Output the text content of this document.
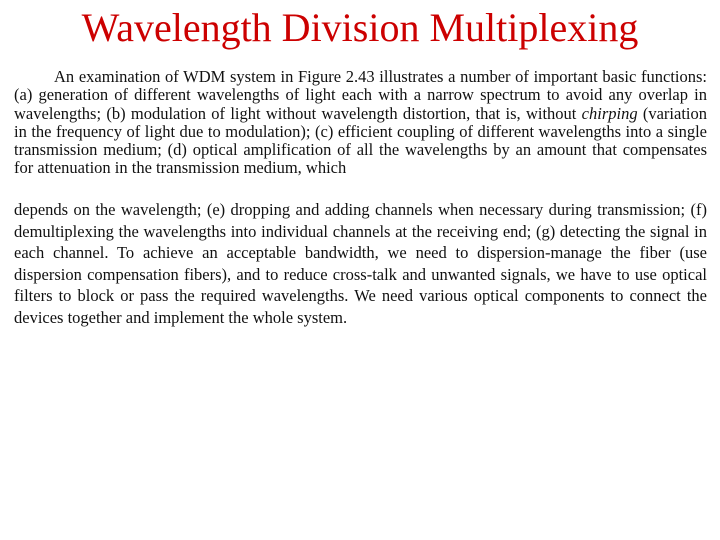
Wavelength Division Multiplexing

An examination of WDM system in Figure 2.43 illustrates a number of important basic functions: (a) generation of different wavelengths of light each with a narrow spectrum to avoid any overlap in wavelengths; (b) modulation of light without wavelength distortion, that is, without chirping (variation in the frequency of light due to modulation); (c) efficient coupling of different wavelengths into a single transmission medium; (d) optical amplification of all the wavelengths by an amount that compensates for attenuation in the transmission medium, which

depends on the wavelength; (e) dropping and adding channels when necessary during transmission; (f) demultiplexing the wavelengths into individual channels at the receiving end; (g) detecting the signal in each channel. To achieve an acceptable bandwidth, we need to dispersion-manage the fiber (use dispersion compensation fibers), and to reduce cross-talk and unwanted signals, we have to use optical filters to block or pass the required wavelengths. We need various optical components to connect the devices together and implement the whole system.
